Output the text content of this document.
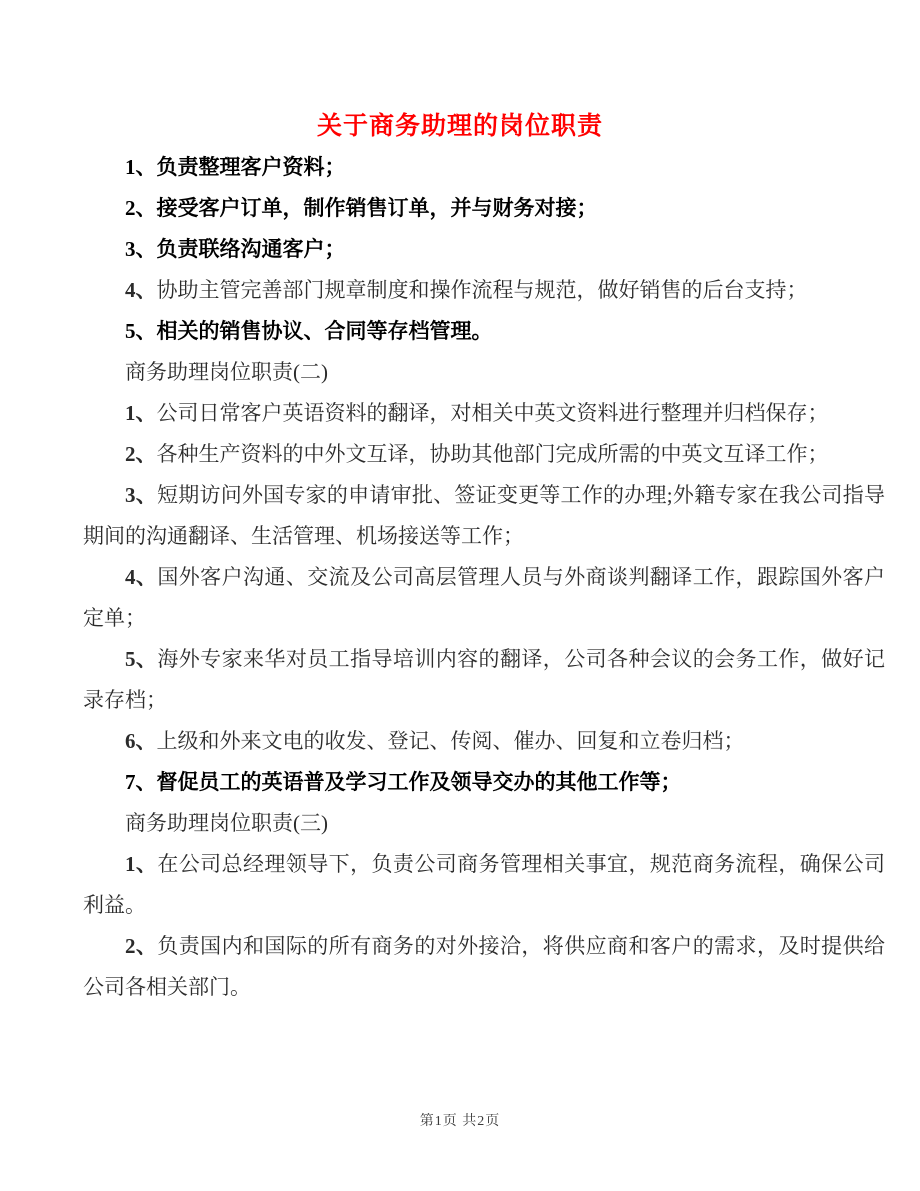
关于商务助理的岗位职责

1、负责整理客户资料；

2、接受客户订单，制作销售订单，并与财务对接；

3、负责联络沟通客户；

4、协助主管完善部门规章制度和操作流程与规范，做好销售的后台支持；

5、相关的销售协议、合同等存档管理。

商务助理岗位职责(二)

1、公司日常客户英语资料的翻译，对相关中英文资料进行整理并归档保存；

2、各种生产资料的中外文互译，协助其他部门完成所需的中英文互译工作；

3、短期访问外国专家的申请审批、签证变更等工作的办理;外籍专家在我公司指导期间的沟通翻译、生活管理、机场接送等工作；

4、国外客户沟通、交流及公司高层管理人员与外商谈判翻译工作，跟踪国外客户定单；

5、海外专家来华对员工指导培训内容的翻译，公司各种会议的会务工作，做好记录存档；

6、上级和外来文电的收发、登记、传阅、催办、回复和立卷归档；

7、督促员工的英语普及学习工作及领导交办的其他工作等；

商务助理岗位职责(三)

1、在公司总经理领导下，负责公司商务管理相关事宜，规范商务流程，确保公司利益。

2、负责国内和国际的所有商务的对外接洽，将供应商和客户的需求，及时提供给公司各相关部门。

第1页 共2页
